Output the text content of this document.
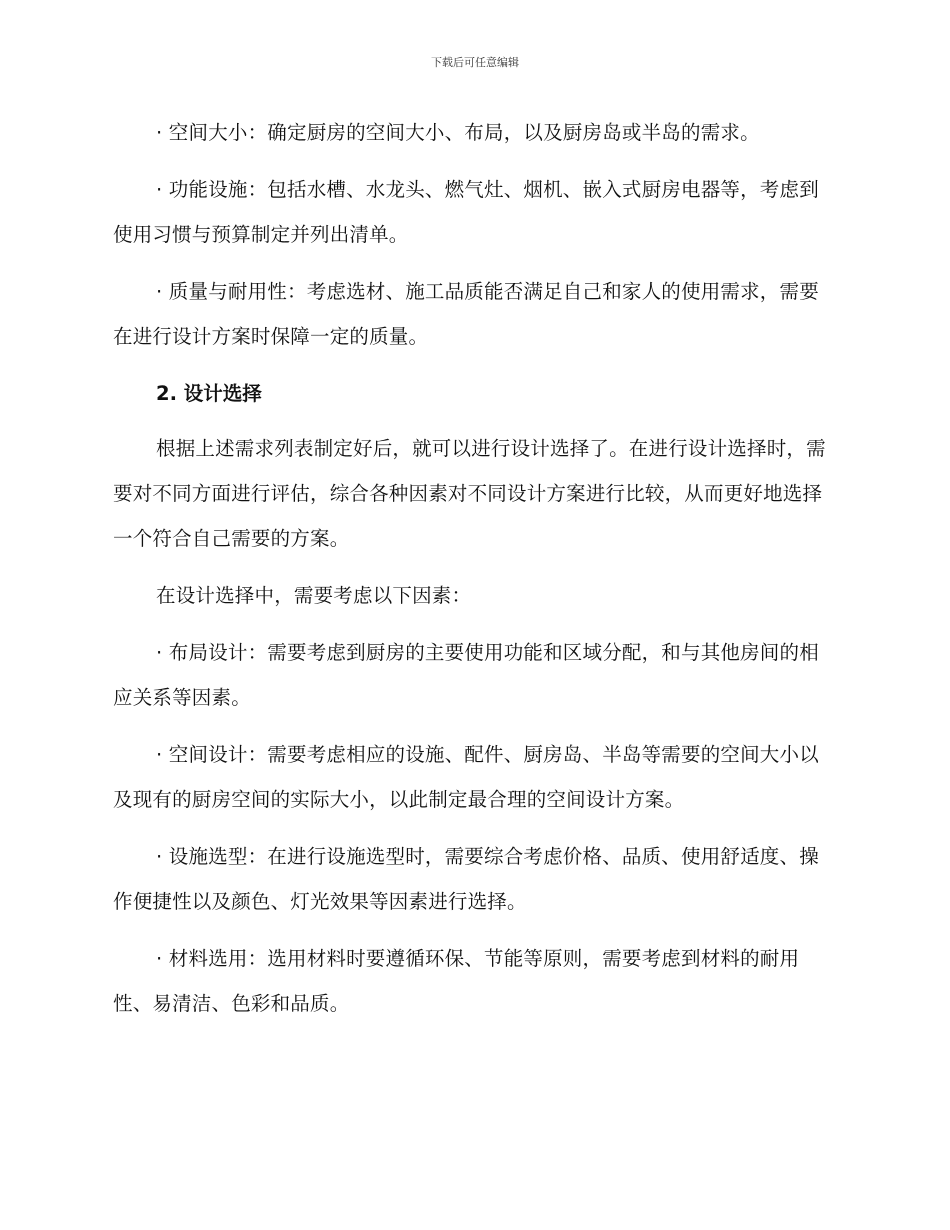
下载后可任意编辑

· 空间大小：确定厨房的空间大小、布局，以及厨房岛或半岛的需求。

· 功能设施：包括水槽、水龙头、燃气灶、烟机、嵌入式厨房电器等，考虑到使用习惯与预算制定并列出清单。

· 质量与耐用性：考虑选材、施工品质能否满足自己和家人的使用需求，需要在进行设计方案时保障一定的质量。

2. 设计选择

根据上述需求列表制定好后，就可以进行设计选择了。在进行设计选择时，需要对不同方面进行评估，综合各种因素对不同设计方案进行比较，从而更好地选择一个符合自己需要的方案。

在设计选择中，需要考虑以下因素：

· 布局设计：需要考虑到厨房的主要使用功能和区域分配，和与其他房间的相应关系等因素。

· 空间设计：需要考虑相应的设施、配件、厨房岛、半岛等需要的空间大小以及现有的厨房空间的实际大小，以此制定最合理的空间设计方案。

· 设施选型：在进行设施选型时，需要综合考虑价格、品质、使用舒适度、操作便捷性以及颜色、灯光效果等因素进行选择。

· 材料选用：选用材料时要遵循环保、节能等原则，需要考虑到材料的耐用性、易清洁、色彩和品质。
